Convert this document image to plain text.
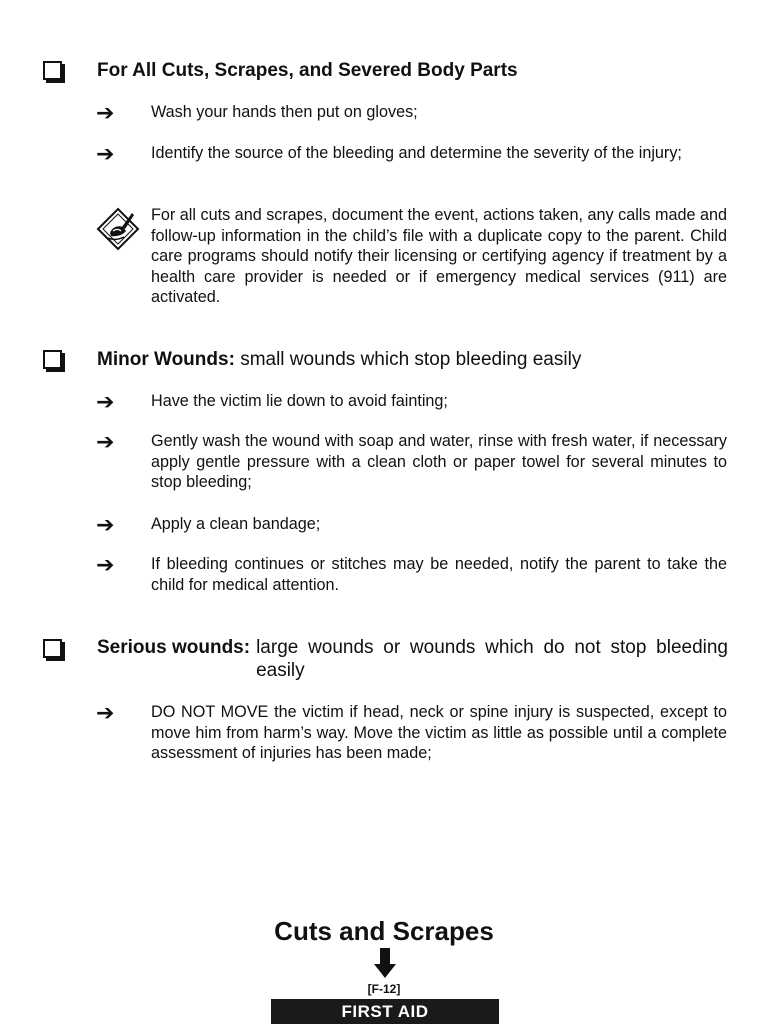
For All Cuts, Scrapes, and Severed Body Parts
➔	Wash your hands then put on gloves;
➔	Identify the source of the bleeding and determine the severity of the injury;
For all cuts and scrapes, document the event, actions taken, any calls made and follow-up information in the child’s file with a duplicate copy to the parent. Child care programs should notify their licensing or certifying agency if treatment by a health care provider is needed or if emergency medical services (911) are activated.
Minor Wounds: small wounds which stop bleeding easily
➔	Have the victim lie down to avoid fainting;
➔	Gently wash the wound with soap and water, rinse with fresh water, if necessary apply gentle pressure with a clean cloth or paper towel for several minutes to stop bleeding;
➔	Apply a clean bandage;
➔	If bleeding continues or stitches may be needed, notify the parent to take the child for medical attention.
Serious wounds: large wounds or wounds which do not stop bleeding easily
➔	DO NOT MOVE the victim if head, neck or spine injury is suspected, except to move him from harm’s way. Move the victim as little as possible until a complete assessment of injuries has been made;
Cuts and Scrapes
[F-12]
FIRST AID
